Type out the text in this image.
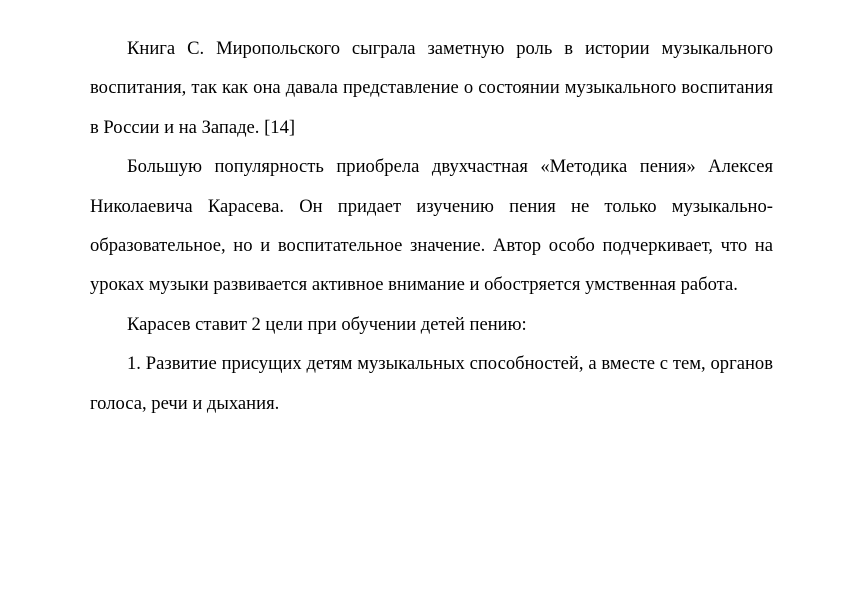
Книга С. Миропольского сыграла заметную роль в истории музыкального воспитания, так как она давала представление о состоянии музыкального воспитания в России и на Западе. [14]

Большую популярность приобрела двухчастная «Методика пения» Алексея Николаевича Карасева. Он придает изучению пения не только музыкально-образовательное, но и воспитательное значение. Автор особо подчеркивает, что на уроках музыки развивается активное внимание и обостряется умственная работа.

Карасев ставит 2 цели при обучении детей пению:

1. Развитие присущих детям музыкальных способностей, а вместе с тем, органов голоса, речи и дыхания.
